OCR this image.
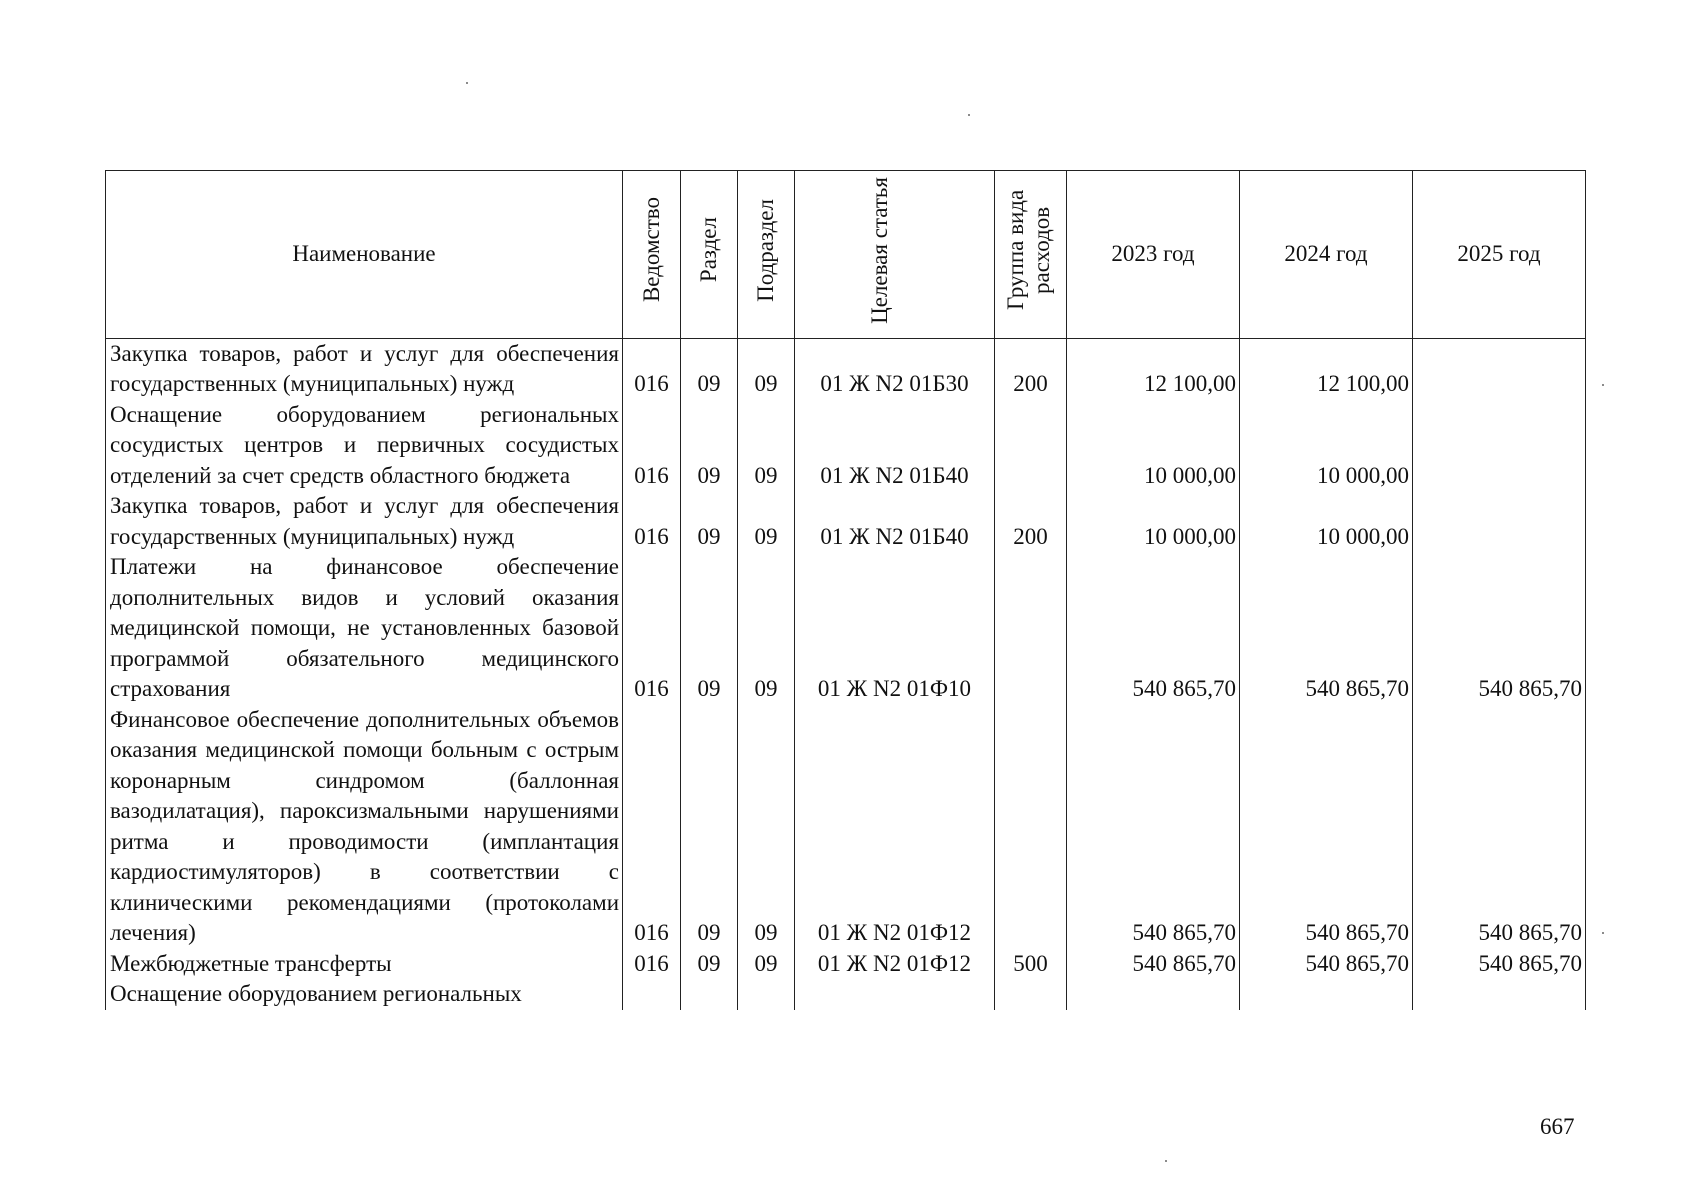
Наименование	Ведомство	Раздел	Подраздел	Целевая статья	Группа вида расходов	2023 год	2024 год	2025 год
Закупка товаров, работ и услуг для обеспечения государственных (муниципальных) нужд	016	09	09	01 Ж N2 01Б30	200	12 100,00	12 100,00	
Оснащение оборудованием региональных сосудистых центров и первичных сосудистых отделений за счет средств областного бюджета	016	09	09	01 Ж N2 01Б40		10 000,00	10 000,00	
Закупка товаров, работ и услуг для обеспечения государственных (муниципальных) нужд	016	09	09	01 Ж N2 01Б40	200	10 000,00	10 000,00	
Платежи на финансовое обеспечение дополнительных видов и условий оказания медицинской помощи, не установленных базовой программой обязательного медицинского страхования	016	09	09	01 Ж N2 01Ф10		540 865,70	540 865,70	540 865,70
Финансовое обеспечение дополнительных объемов оказания медицинской помощи больным с острым коронарным синдромом (баллонная вазодилатация), пароксизмальными нарушениями ритма и проводимости (имплантация кардиостимуляторов) в соответствии с клиническими рекомендациями (протоколами лечения)	016	09	09	01 Ж N2 01Ф12		540 865,70	540 865,70	540 865,70
Межбюджетные трансферты	016	09	09	01 Ж N2 01Ф12	500	540 865,70	540 865,70	540 865,70
Оснащение оборудованием региональных								
667
